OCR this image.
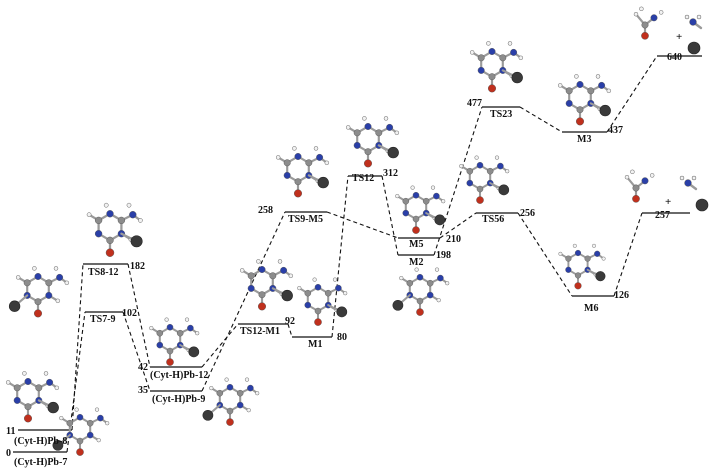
0
(Cyt-H)Pb-7
11
(Cyt-H)Pb-8
TS7-9
102
TS8-12
182
35
(Cyt-H)Pb-9
42
(Cyt-H)Pb-12
TS12-M1
92
M1
80
258
TS9-M5
TS12 312
M5 210
M2
198
477
TS23
M3
437
640
TS56
256
M6
126
257
+
+
